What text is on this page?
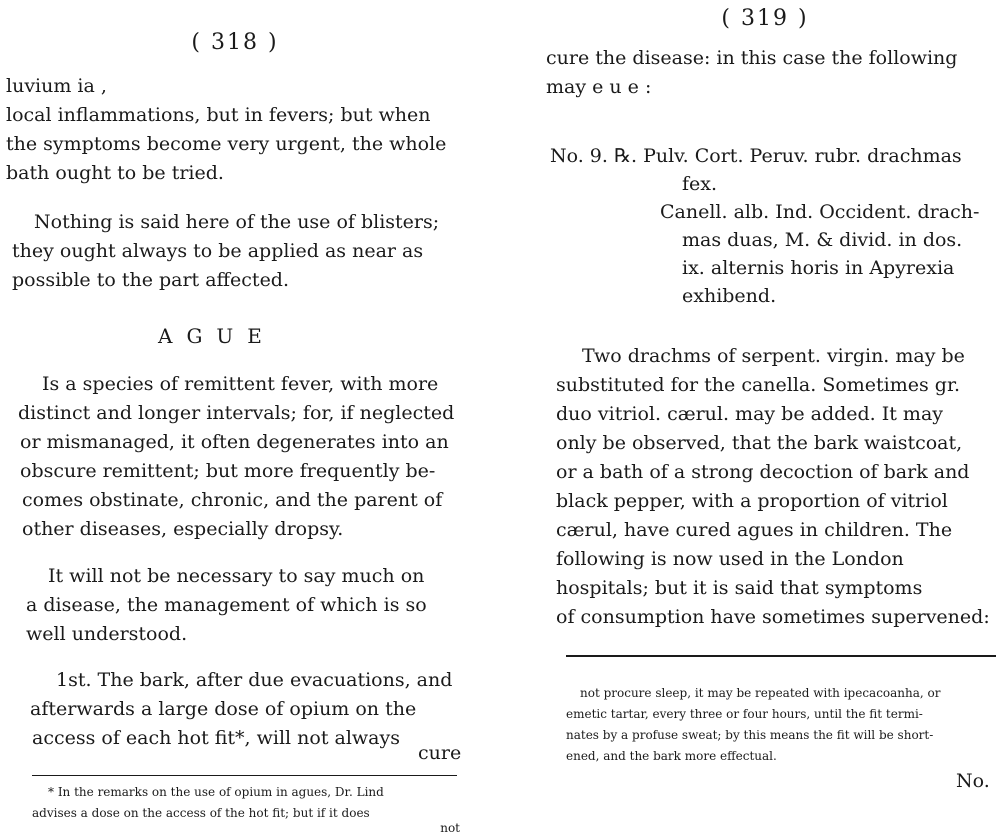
( 318 )
luvium ia ,
local inflammations, but in fevers; but when
the symptoms become very urgent, the whole
bath ought to be tried.
Nothing is said here of the use of blisters;
they ought always to be applied as near as
possible to the part affected.
AGUE
Is a species of remittent fever, with more
distinct and longer intervals; for, if neglected
or mismanaged, it often degenerates into an
obscure remittent; but more frequently be-
comes obstinate, chronic, and the parent of
other diseases, especially dropsy.
It will not be necessary to say much on
a disease, the management of which is so
well understood.
1st. The bark, after due evacuations, and
afterwards a large dose of opium on the
access of each hot fit*, will not always
cure
* In the remarks on the use of opium in agues, Dr. Lind
advises a dose on the access of the hot fit; but if it does
not
( 319 )
cure the disease: in this case the following
may e u e :
No. 9. ℞. Pulv. Cort. Peruv. rubr. drachmas
fex.
Canell. alb. Ind. Occident. drach-
mas duas, M. & divid. in dos.
ix. alternis horis in Apyrexia
exhibend.
Two drachms of serpent. virgin. may be
substituted for the canella. Sometimes gr.
duo vitriol. cærul. may be added. It may
only be observed, that the bark waistcoat,
or a bath of a strong decoction of bark and
black pepper, with a proportion of vitriol
cærul, have cured agues in children. The
following is now used in the London
hospitals; but it is said that symptoms
of consumption have sometimes supervened:
not procure sleep, it may be repeated with ipecacoanha, or
emetic tartar, every three or four hours, until the fit termi-
nates by a profuse sweat; by this means the fit will be short-
ened, and the bark more effectual.
No.
